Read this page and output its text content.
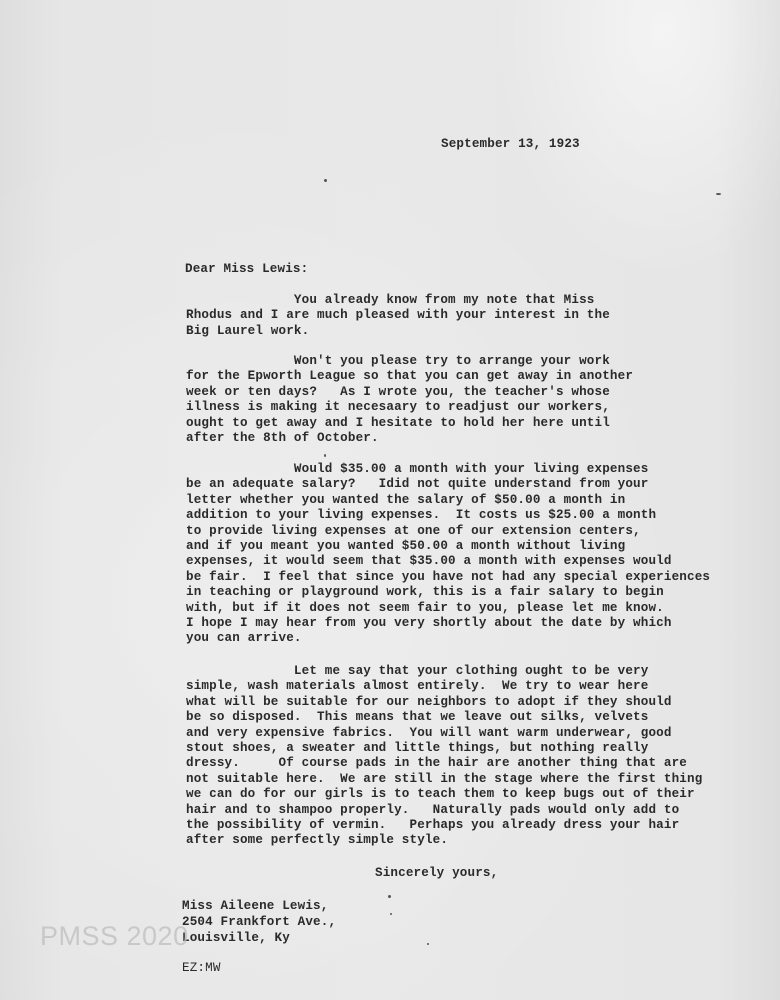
September 13, 1923
Dear Miss Lewis:
You already know from my note that Miss
Rhodus and I are much pleased with your interest in the
Big Laurel work.
Won't you please try to arrange your work
for the Epworth League so that you can get away in another
week or ten days?   As I wrote you, the teacher's whose
illness is making it necesaary to readjust our workers,
ought to get away and I hesitate to hold her here until
after the 8th of October.
Would $35.00 a month with your living expenses
be an adequate salary?   Idid not quite understand from your
letter whether you wanted the salary of $50.00 a month in
addition to your living expenses.  It costs us $25.00 a month
to provide living expenses at one of our extension centers,
and if you meant you wanted $50.00 a month without living
expenses, it would seem that $35.00 a month with expenses would
be fair.  I feel that since you have not had any special experiences
in teaching or playground work, this is a fair salary to begin
with, but if it does not seem fair to you, please let me know.
I hope I may hear from you very shortly about the date by which
you can arrive.
Let me say that your clothing ought to be very
simple, wash materials almost entirely.  We try to wear here
what will be suitable for our neighbors to adopt if they should
be so disposed.  This means that we leave out silks, velvets
and very expensive fabrics.  You will want warm underwear, good
stout shoes, a sweater and little things, but nothing really
dressy.     Of course pads in the hair are another thing that are
not suitable here.  We are still in the stage where the first thing
we can do for our girls is to teach them to keep bugs out of their
hair and to shampoo properly.   Naturally pads would only add to
the possibility of vermin.   Perhaps you already dress your hair
after some perfectly simple style.
Sincerely yours,
Miss Aileene Lewis,
2504 Frankfort Ave.,
Louisville, Ky
EZ:MW
PMSS 2020
